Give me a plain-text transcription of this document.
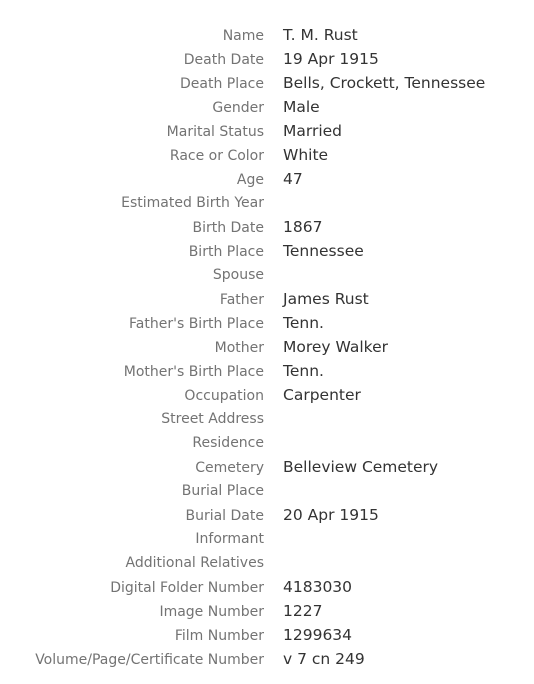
Name T. M. Rust
Death Date 19 Apr 1915
Death Place Bells, Crockett, Tennessee
Gender Male
Marital Status Married
Race or Color White
Age 47
Estimated Birth Year
Birth Date 1867
Birth Place Tennessee
Spouse
Father James Rust
Father's Birth Place Tenn.
Mother Morey Walker
Mother's Birth Place Tenn.
Occupation Carpenter
Street Address
Residence
Cemetery Belleview Cemetery
Burial Place
Burial Date 20 Apr 1915
Informant
Additional Relatives
Digital Folder Number 4183030
Image Number 1227
Film Number 1299634
Volume/Page/Certificate Number v 7 cn 249
